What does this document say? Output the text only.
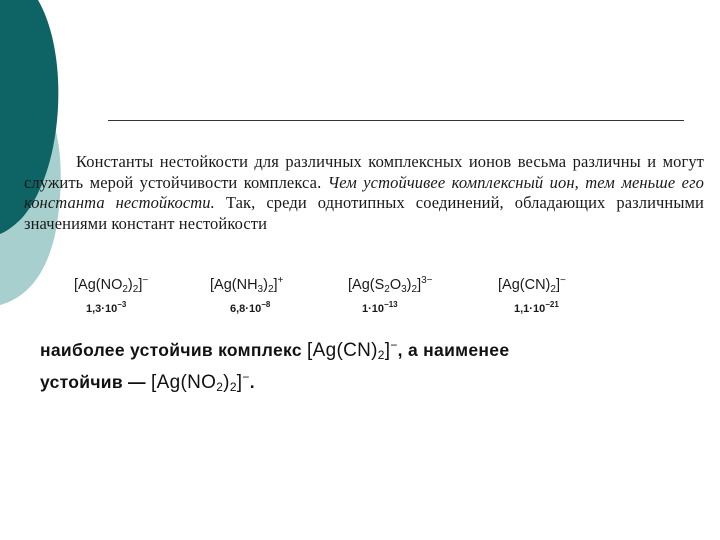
Константы нестойкости для различных комплексных ионов весьма различны и могут служить мерой устойчивости комплекса. Чем устойчивее комплексный ион, тем меньше его константа нестойкости. Так, среди однотипных соединений, обладающих различными значениями констант нестойкости

$[Ag(NO_2)_2]^-$
$1,3\cdot 10^{-3}$
$[Ag(NH_3)_2]^+$
$6,8\cdot 10^{-8}$
$[Ag(S_2O_3)_2]^{3-}$
$1\cdot 10^{-13}$
$[Ag(CN)_2]^-$
$1,1\cdot 10^{-21}$
наиболее устойчив комплекс $[Ag(CN)_2]^-$, а наименее
устойчив — $[Ag(NO_2)_2]^-$.
